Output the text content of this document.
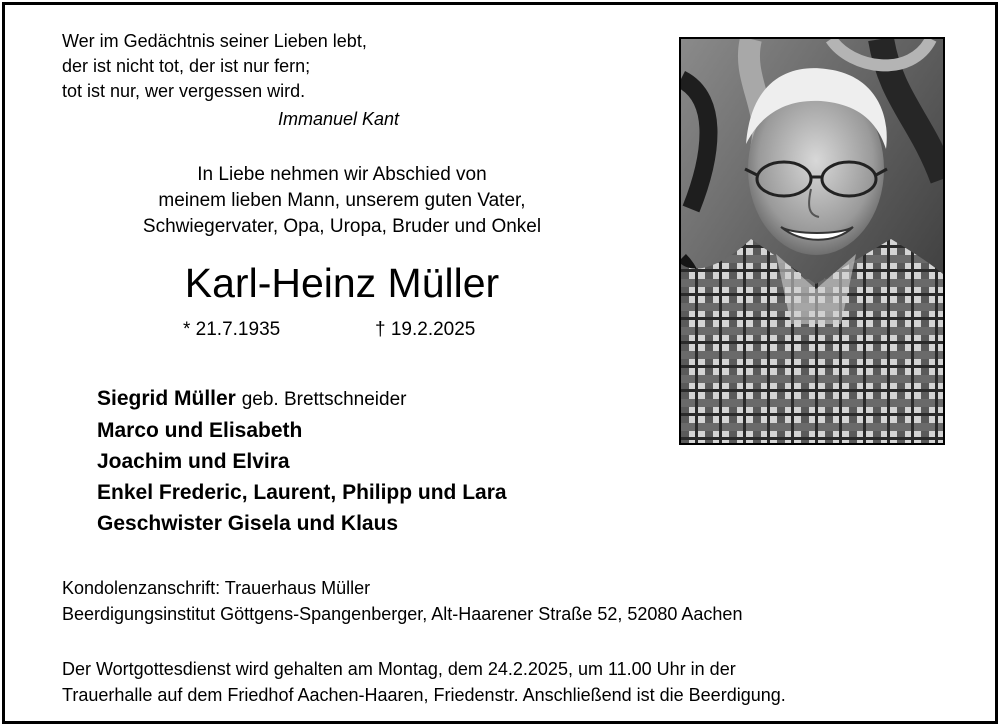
Wer im Gedächtnis seiner Lieben lebt,
der ist nicht tot, der ist nur fern;
tot ist nur, wer vergessen wird.
Immanuel Kant
In Liebe nehmen wir Abschied von
meinem lieben Mann, unserem guten Vater,
Schwiegervater, Opa, Uropa, Bruder und Onkel
Karl-Heinz Müller
* 21.7.1935	† 19.2.2025
Siegrid Müller geb. Brettschneider
Marco und Elisabeth
Joachim und Elvira
Enkel Frederic, Laurent, Philipp und Lara
Geschwister Gisela und Klaus
Kondolenzanschrift: Trauerhaus Müller
Beerdigungsinstitut Göttgens-Spangenberger, Alt-Haarener Straße 52, 52080 Aachen
Der Wortgottesdienst wird gehalten am Montag, dem 24.2.2025, um 11.00 Uhr in der
Trauerhalle auf dem Friedhof Aachen-Haaren, Friedenstr. Anschließend ist die Beerdigung.
